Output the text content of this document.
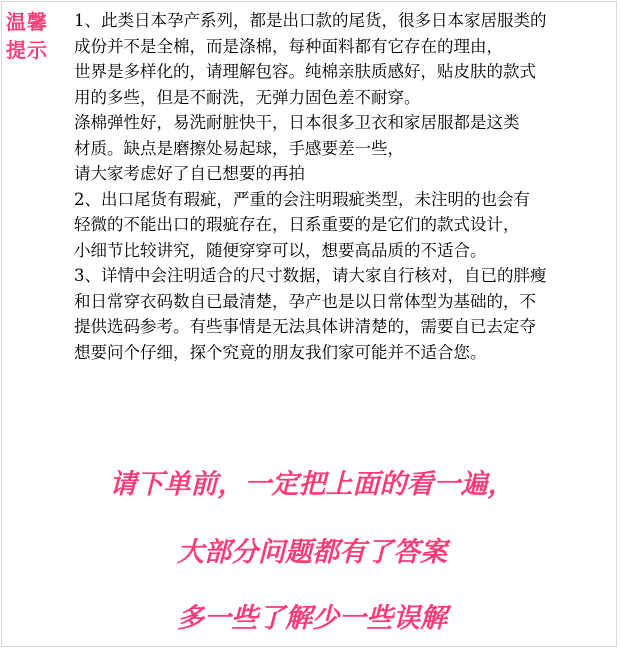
温馨
提示
1、此类日本孕产系列，都是出口款的尾货，很多日本家居服类的
成份并不是全棉，而是涤棉，每种面料都有它存在的理由，
世界是多样化的，请理解包容。纯棉亲肤质感好，贴皮肤的款式
用的多些，但是不耐洗，无弹力固色差不耐穿。
涤棉弹性好，易洗耐脏快干，日本很多卫衣和家居服都是这类
材质。缺点是磨擦处易起球，手感要差一些，
请大家考虑好了自已想要的再拍
2、出口尾货有瑕疵，严重的会注明瑕疵类型，未注明的也会有
轻微的不能出口的瑕疵存在，日系重要的是它们的款式设计，
小细节比较讲究，随便穿穿可以，想要高品质的不适合。
3、详情中会注明适合的尺寸数据，请大家自行核对，自已的胖瘦
和日常穿衣码数自已最清楚，孕产也是以日常体型为基础的，不
提供选码参考。有些事情是无法具体讲清楚的，需要自已去定夺
想要问个仔细，探个究竟的朋友我们家可能并不适合您。
请下单前，一定把上面的看一遍，
大部分问题都有了答案
多一些了解少一些误解
